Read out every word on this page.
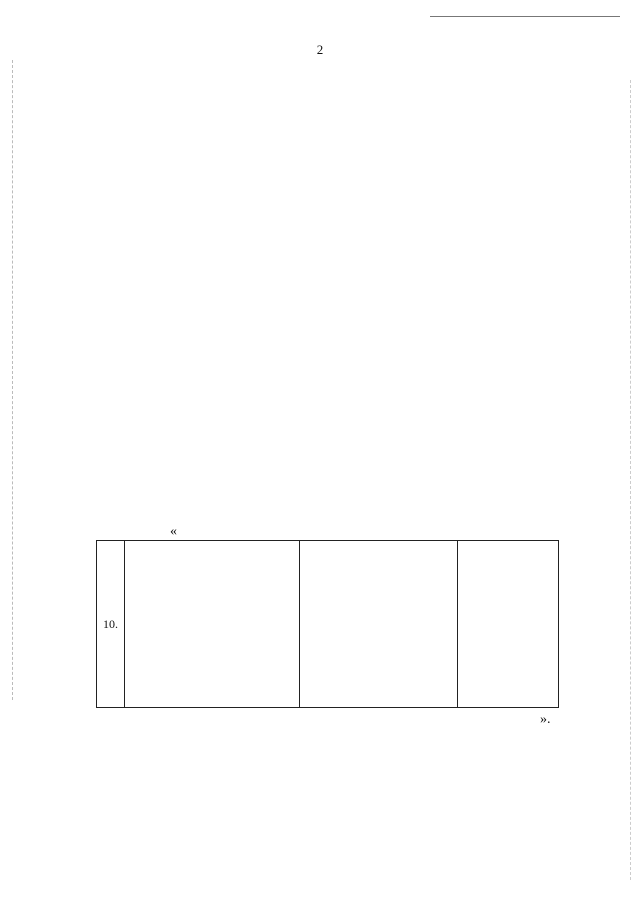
2
«
10.			
».
